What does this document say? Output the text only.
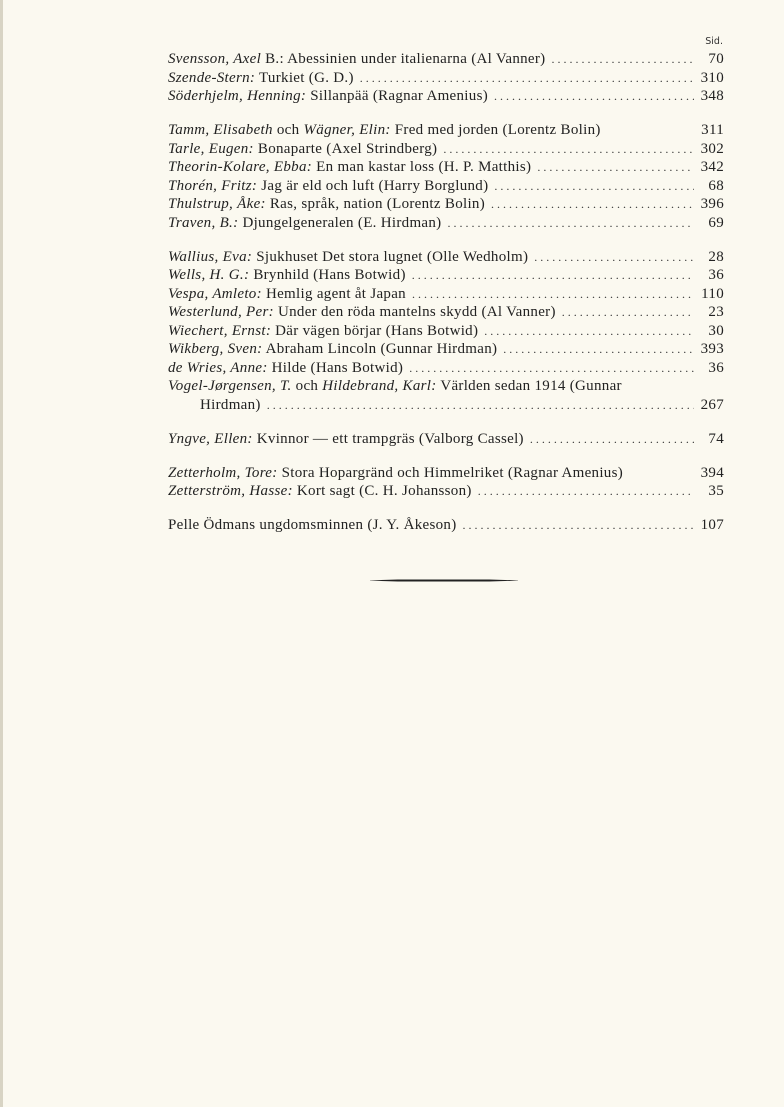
Sid.
Svensson, Axel B.: Abessinien under italienarna (Al Vanner) . . .	70
Szende-Stern: Turkiet (G. D.) . . .	310
Söderhjelm, Henning: Sillanpää (Ragnar Amenius) . . .	348
Tamm, Elisabeth och Wägner, Elin: Fred med jorden (Lorentz Bolin)	311
Tarle, Eugen: Bonaparte (Axel Strindberg) . . .	302
Theorin-Kolare, Ebba: En man kastar loss (H. P. Matthis) . . .	342
Thorén, Fritz: Jag är eld och luft (Harry Borglund) . . .	68
Thulstrup, Åke: Ras, språk, nation (Lorentz Bolin) . . .	396
Traven, B.: Djungelgeneralen (E. Hirdman) . . .	69
Wallius, Eva: Sjukhuset Det stora lugnet (Olle Wedholm) . . .	28
Wells, H. G.: Brynhild (Hans Botwid) . . .	36
Vespa, Amleto: Hemlig agent åt Japan . . .	110
Westerlund, Per: Under den röda mantelns skydd (Al Vanner) . . .	23
Wiechert, Ernst: Där vägen börjar (Hans Botwid) . . .	30
Wikberg, Sven: Abraham Lincoln (Gunnar Hirdman) . . .	393
de Wries, Anne: Hilde (Hans Botwid) . . .	36
Vogel-Jørgensen, T. och Hildebrand, Karl: Världen sedan 1914 (Gunnar
Hirdman) . . .	267
Yngve, Ellen: Kvinnor — ett trampgräs (Valborg Cassel) . . .	74
Zetterholm, Tore: Stora Hopargränd och Himmelriket (Ragnar Amenius)	394
Zetterström, Hasse: Kort sagt (C. H. Johansson) . . .	35
Pelle Ödmans ungdomsminnen (J. Y. Åkeson) . . .	107
